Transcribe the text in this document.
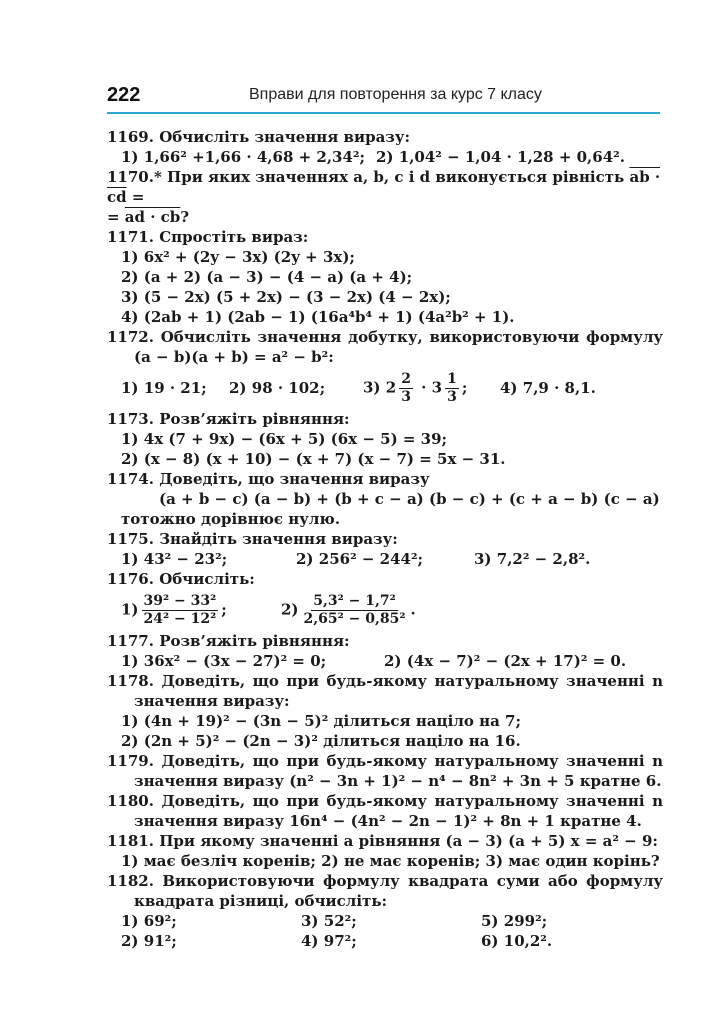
222	Вправи для повторення за курс 7 класу
1169. Обчисліть значення виразу:
1) 1,66² +1,66 · 4,68 + 2,34²; 2) 1,04² − 1,04 · 1,28 + 0,64².
1170.* При яких значеннях a, b, c і d виконується рівність ab · cd =
= ad · cb?
1171. Спростіть вираз:
1) 6x² + (2y − 3x) (2y + 3x);
2) (a + 2) (a − 3) − (4 − a) (a + 4);
3) (5 − 2x) (5 + 2x) − (3 − 2x) (4 − 2x);
4) (2ab + 1) (2ab − 1) (16a⁴b⁴ + 1) (4a²b² + 1).
1172. Обчисліть значення добутку, використовуючи формулу (a − b)(a + b) = a² − b²:
1) 19 · 21;	2) 98 · 102;	3) $2 \frac{2}{3} \cdot 3 \frac{1}{3}$ ;	4) 7,9 · 8,1.
1173. Розв’яжіть рівняння:
1) 4x (7 + 9x) − (6x + 5) (6x − 5) = 39;
2) (x − 8) (x + 10) − (x + 7) (x − 7) = 5x − 31.
1174. Доведіть, що значення виразу
(a + b − c) (a − b) + (b + c − a) (b − c) + (c + a − b) (c − a)
тотожно дорівнює нулю.
1175. Знайдіть значення виразу:
1) 43² − 23²;	2) 256² − 244²;	3) 7,2² − 2,8².
1176. Обчисліть:
$1) \frac{\text{39² − 33²}}{\text{24² − 12²}}$ ;	$2) \frac{\text{5,3² − 1,7²}}{\text{2,65² − 0,85²}}$ .
1177. Розв’яжіть рівняння:
1) 36x² − (3x − 27)² = 0;	2) (4x − 7)² − (2x + 17)² = 0.
1178. Доведіть, що при будь-якому натуральному значенні n значення виразу:
1) (4n + 19)² − (3n − 5)² ділиться націло на 7;
2) (2n + 5)² − (2n − 3)² ділиться націло на 16.
1179. Доведіть, що при будь-якому натуральному значенні n значення виразу (n² − 3n + 1)² − n⁴ − 8n² + 3n + 5 кратне 6.
1180. Доведіть, що при будь-якому натуральному значенні n значення виразу 16n⁴ − (4n² − 2n − 1)² + 8n + 1 кратне 4.
1181. При якому значенні a рівняння (a − 3) (a + 5) x = a² − 9:
1) має безліч коренів; 2) не має коренів; 3) має один корінь?
1182. Використовуючи формулу квадрата суми або формулу квадрата різниці, обчисліть:
1) 69²;	3) 52²;	5) 299²;
2) 91²;	4) 97²;	6) 10,2².
